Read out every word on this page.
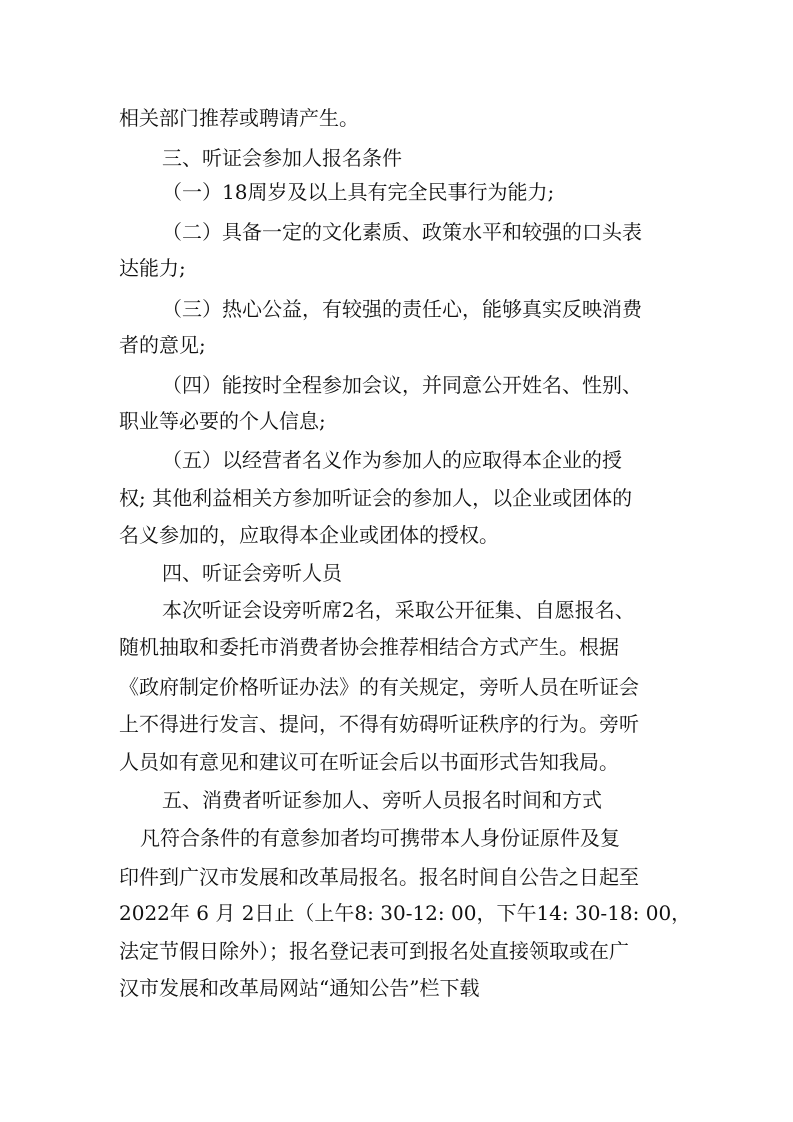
相关部门推荐或聘请产生。
三、听证会参加人报名条件
（一）18周岁及以上具有完全民事行为能力;
（二）具备一定的文化素质、政策水平和较强的口头表
达能力;
（三）热心公益，有较强的责任心，能够真实反映消费
者的意见;
（四）能按时全程参加会议，并同意公开姓名、性别、
职业等必要的个人信息;
（五）以经营者名义作为参加人的应取得本企业的授
权; 其他利益相关方参加听证会的参加人，以企业或团体的
名义参加的，应取得本企业或团体的授权。
四、听证会旁听人员
本次听证会设旁听席2名，采取公开征集、自愿报名、
随机抽取和委托市消费者协会推荐相结合方式产生。根据
《政府制定价格听证办法》的有关规定，旁听人员在听证会
上不得进行发言、提问，不得有妨碍听证秩序的行为。旁听
人员如有意见和建议可在听证会后以书面形式告知我局。
五、消费者听证参加人、旁听人员报名时间和方式
凡符合条件的有意参加者均可携带本人身份证原件及复
印件到广汉市发展和改革局报名。报名时间自公告之日起至
2022年 6 月 2日止（上午8: 30-12: 00，下午14: 30-18: 00，
法定节假日除外）；报名登记表可到报名处直接领取或在广
汉市发展和改革局网站“通知公告”栏下载
